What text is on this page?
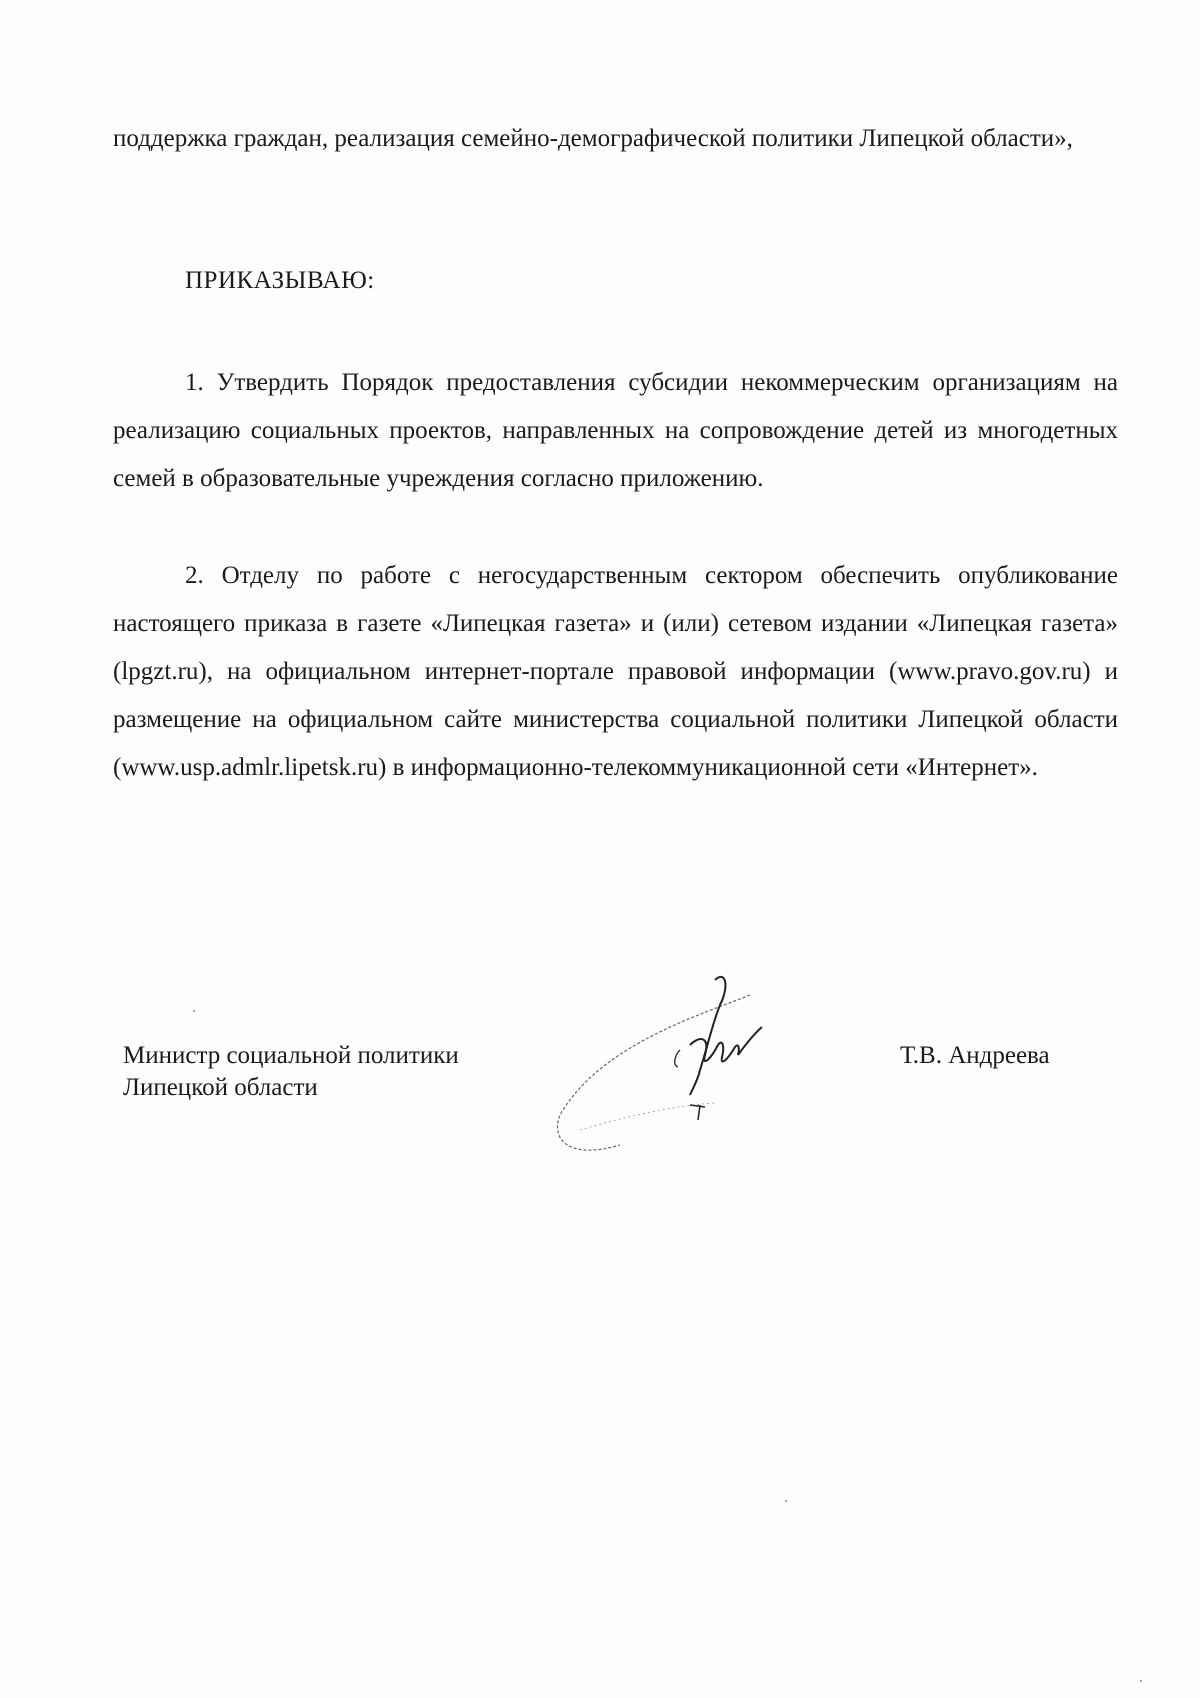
поддержка граждан, реализация семейно-демографической политики Липецкой области»,
ПРИКАЗЫВАЮ:
1. Утвердить Порядок предоставления субсидии некоммерческим организациям на реализацию социальных проектов, направленных на сопровождение детей из многодетных семей в образовательные учреждения согласно приложению.
2. Отделу по работе с негосударственным сектором обеспечить опубликование настоящего приказа в газете «Липецкая газета» и (или) сетевом издании «Липецкая газета» (lpgzt.ru), на официальном интернет-портале правовой информации (www.pravo.gov.ru) и размещение на официальном сайте министерства социальной политики Липецкой области (www.usp.admlr.lipetsk.ru) в информационно-телекоммуникационной сети «Интернет».
Министр социальной политики
Липецкой области
Т.В. Андреева
